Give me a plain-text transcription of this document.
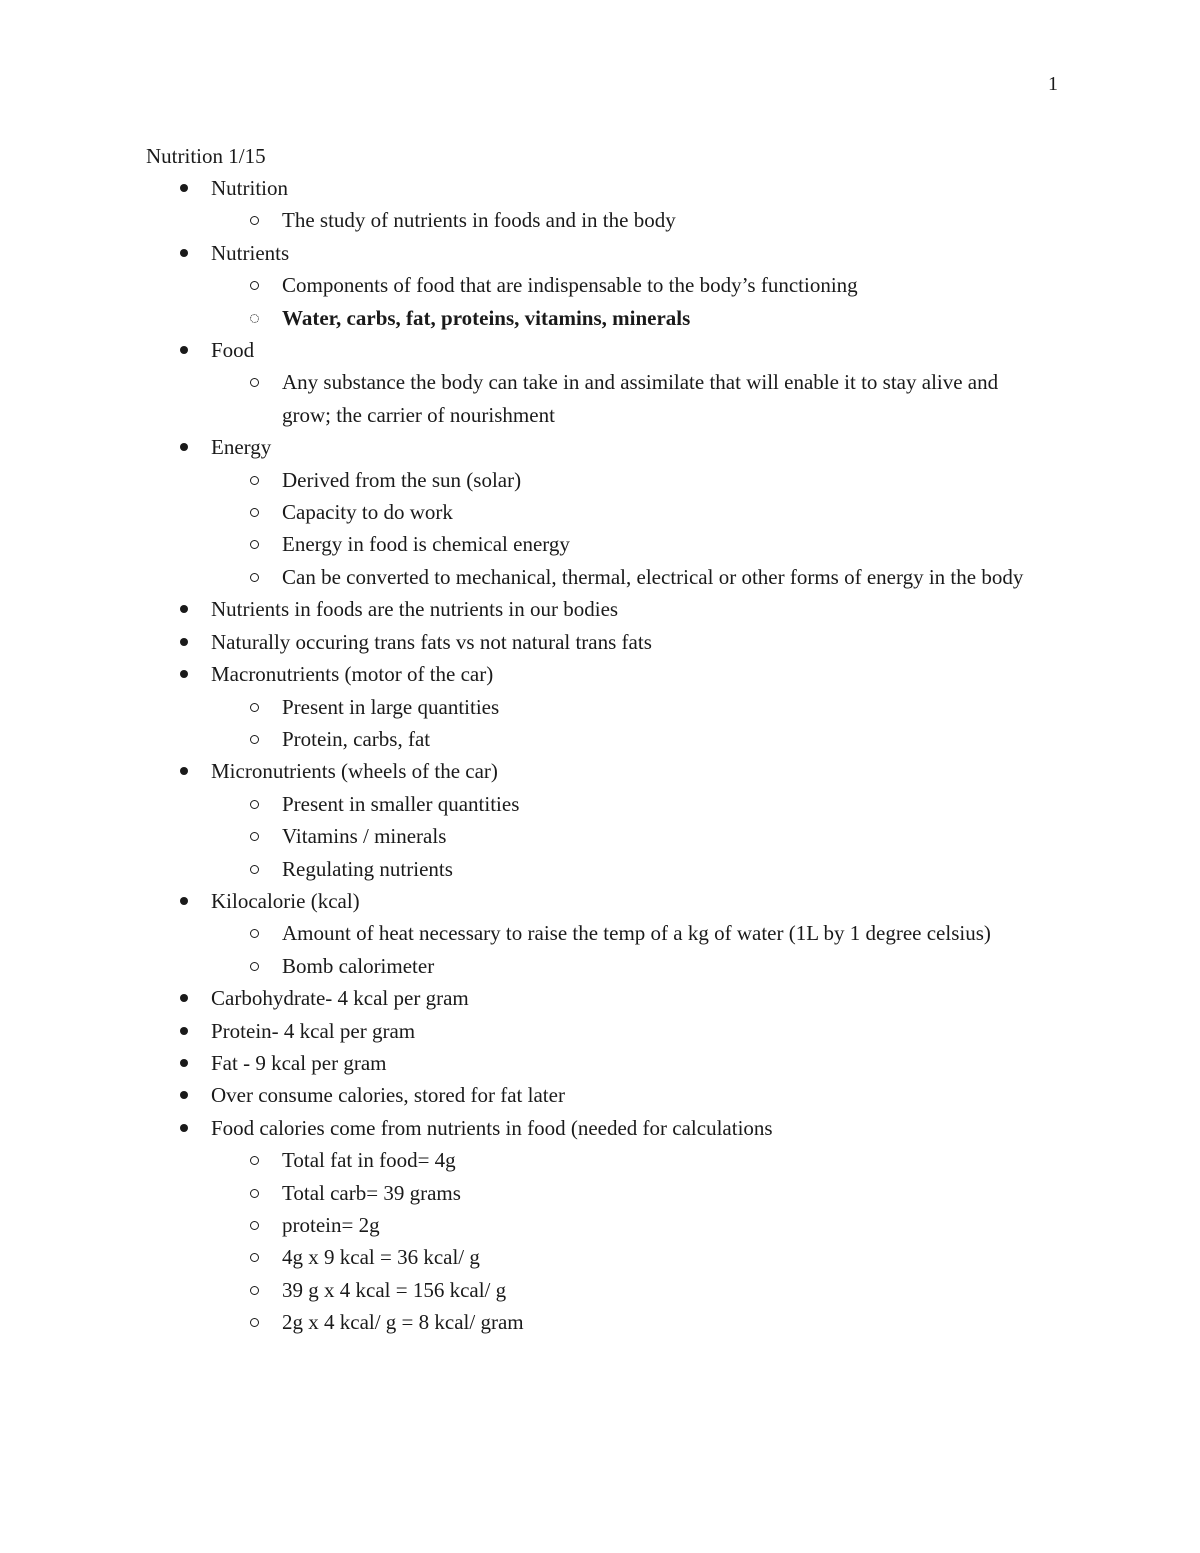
1
Nutrition 1/15
Nutrition
The study of nutrients in foods and in the body
Nutrients
Components of food that are indispensable to the body’s functioning
Water, carbs, fat, proteins, vitamins, minerals
Food
Any substance the body can take in and assimilate that will enable it to stay alive and grow; the carrier of nourishment
Energy
Derived from the sun (solar)
Capacity to do work
Energy in food is chemical energy
Can be converted to mechanical, thermal, electrical or other forms of energy in the body
Nutrients in foods are the nutrients in our bodies
Naturally occuring trans fats vs not natural trans fats
Macronutrients (motor of the car)
Present in large quantities
Protein, carbs, fat
Micronutrients (wheels of the car)
Present in smaller quantities
Vitamins / minerals
Regulating nutrients
Kilocalorie (kcal)
Amount of heat necessary to raise the temp of a kg of water (1L by 1 degree celsius)
Bomb calorimeter
Carbohydrate- 4 kcal per gram
Protein- 4 kcal per gram
Fat - 9 kcal per gram
Over consume calories, stored for fat later
Food calories come from nutrients in food (needed for calculations
Total fat in food= 4g
Total carb= 39 grams
protein= 2g
4g x 9 kcal = 36 kcal/ g
39 g x 4 kcal = 156 kcal/ g
2g x 4 kcal/ g = 8 kcal/ gram
